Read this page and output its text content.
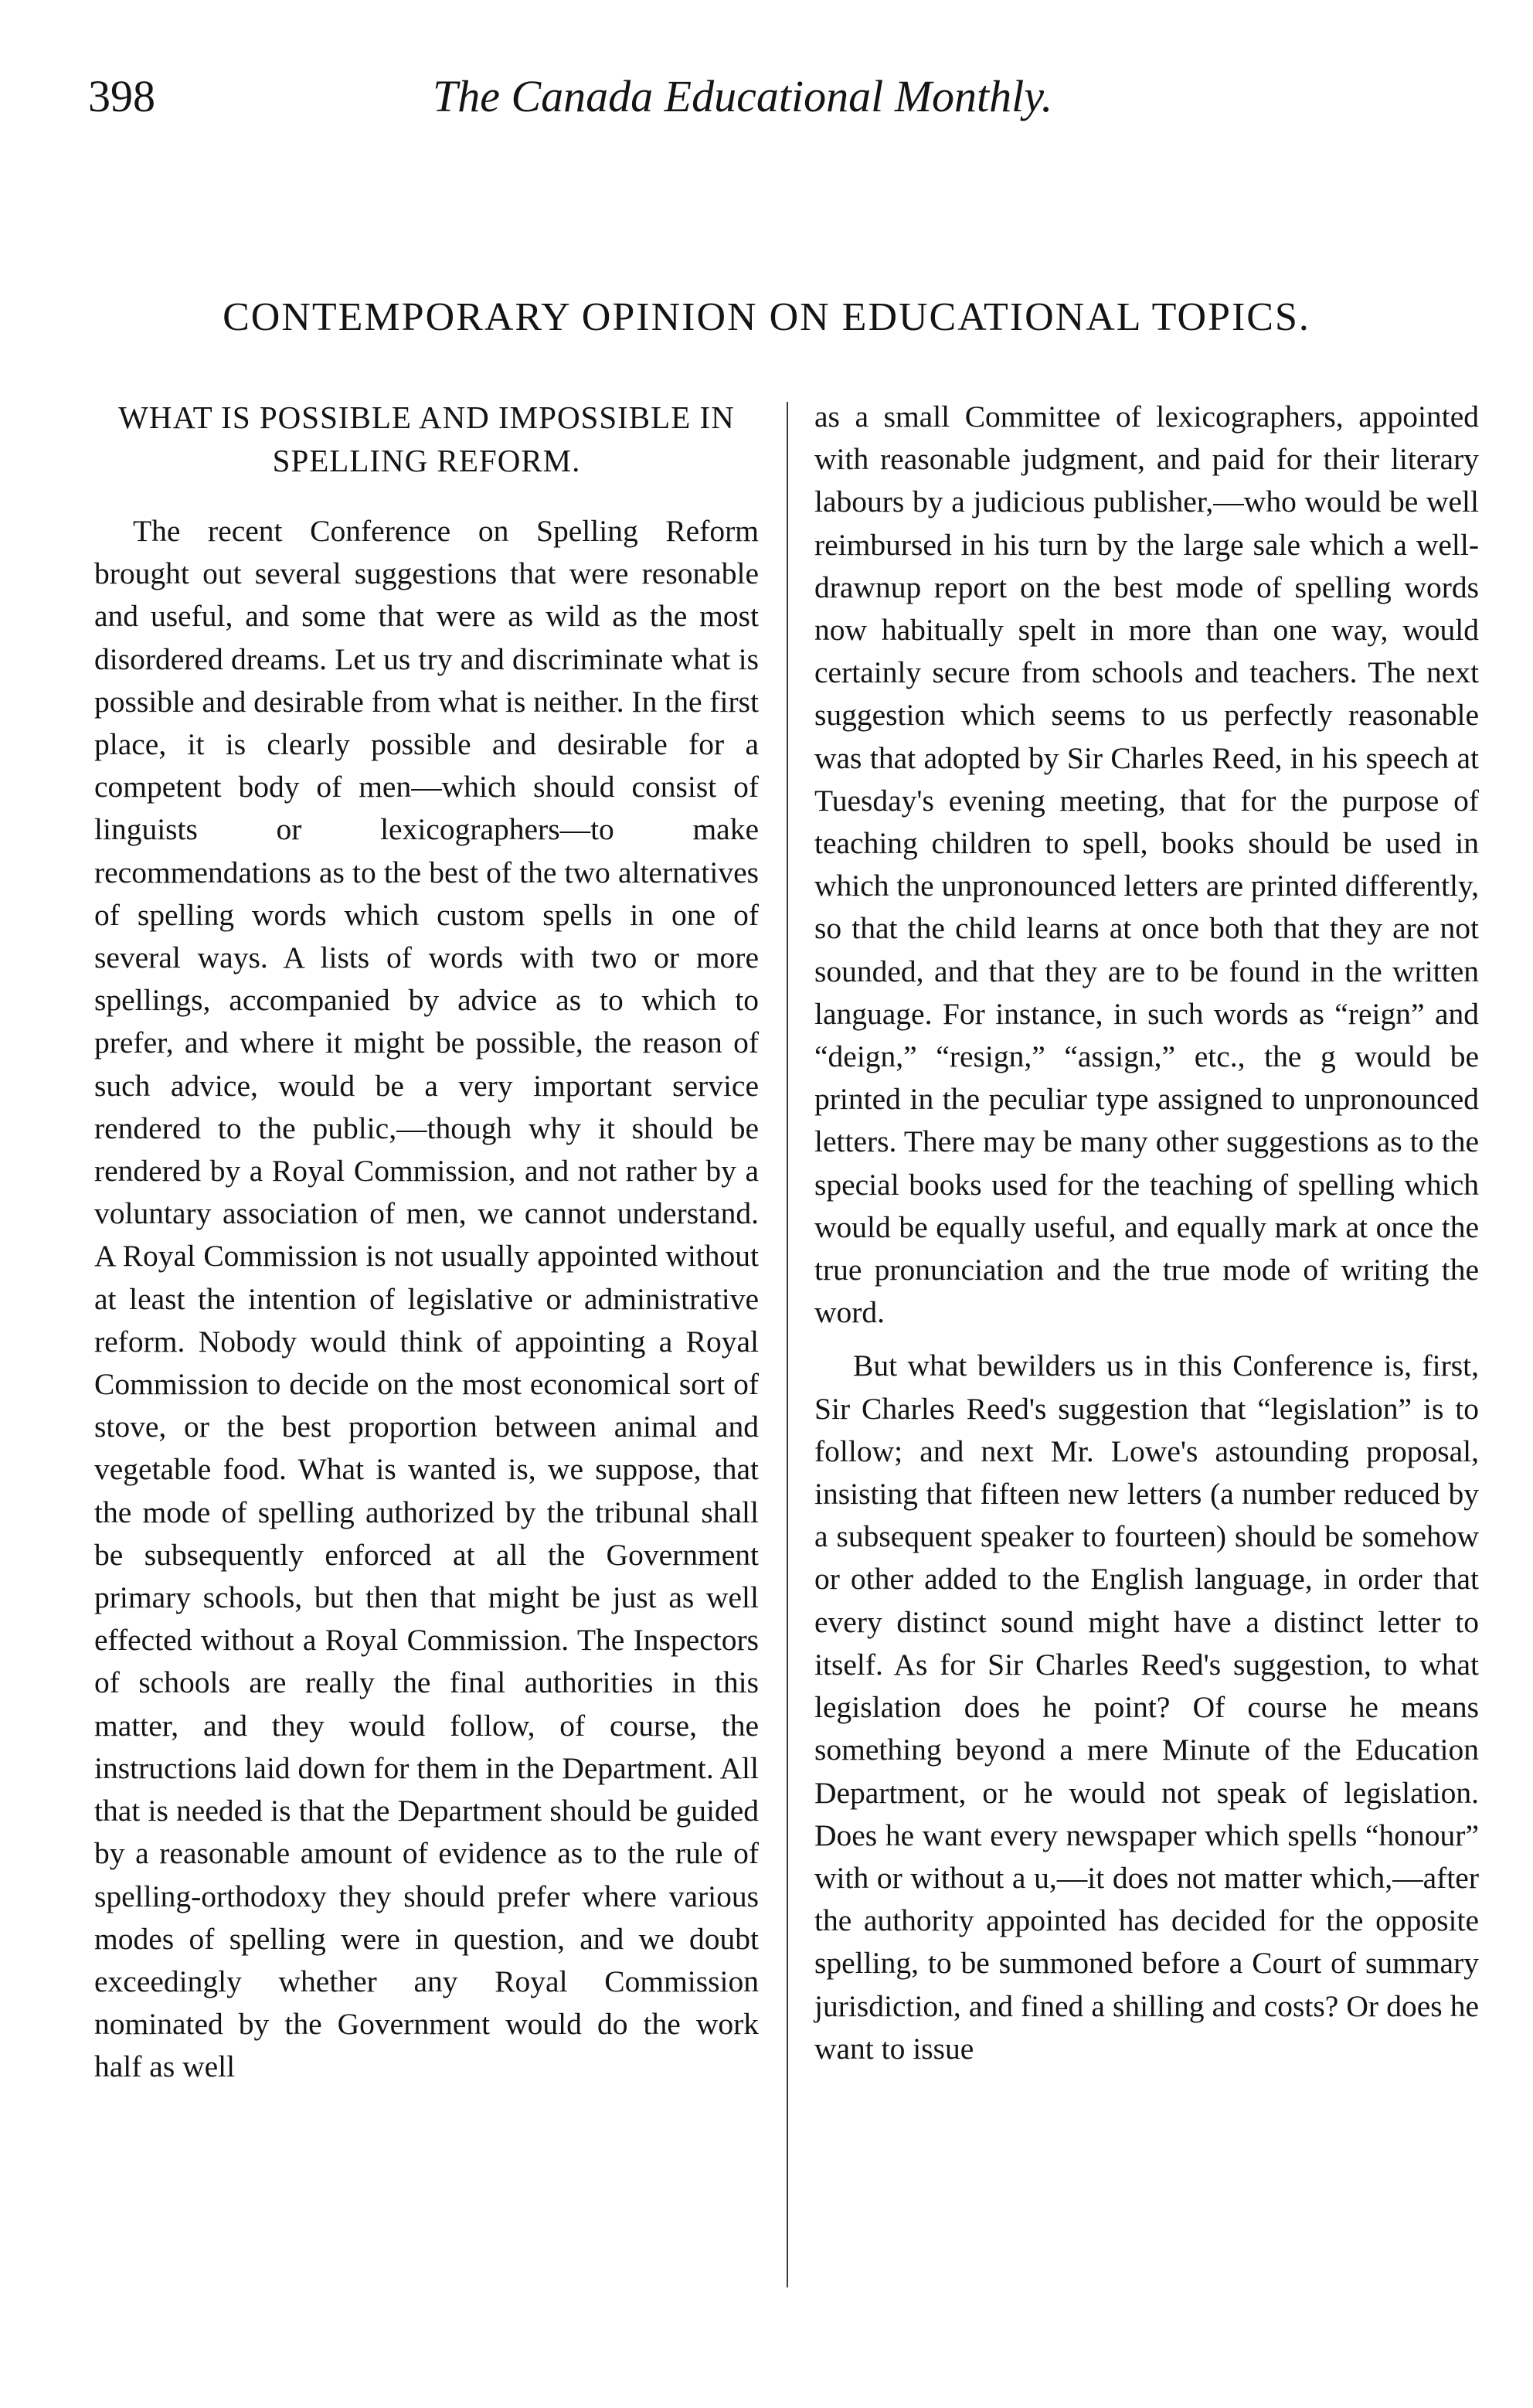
398	The Canada Educational Monthly.
CONTEMPORARY OPINION ON EDUCATIONAL TOPICS.
WHAT IS POSSIBLE AND IMPOSSIBLE IN SPELLING REFORM.

The recent Conference on Spelling Reform brought out several suggestions that were resonable and useful, and some that were as wild as the most disordered dreams. Let us try and discriminate what is possible and desirable from what is neither. In the first place, it is clearly possible and desirable for a competent body of men—which should consist of linguists or lexicographers—to make recommendations as to the best of the two alternatives of spelling words which custom spells in one of several ways. A lists of words with two or more spellings, accompanied by advice as to which to prefer, and where it might be possible, the reason of such advice, would be a very important service rendered to the public,—though why it should be rendered by a Royal Commission, and not rather by a voluntary association of men, we cannot understand. A Royal Commission is not usually appointed without at least the intention of legislative or administrative reform. Nobody would think of appointing a Royal Commission to decide on the most economical sort of stove, or the best proportion between animal and vegetable food. What is wanted is, we suppose, that the mode of spelling authorized by the tribunal shall be subsequently enforced at all the Government primary schools, but then that might be just as well effected without a Royal Commission. The Inspectors of schools are really the final authorities in this matter, and they would follow, of course, the instructions laid down for them in the Department. All that is needed is that the Department should be guided by a reasonable amount of evidence as to the rule of spelling-orthodoxy they should prefer where various modes of spelling were in question, and we doubt exceedingly whether any Royal Commission nominated by the Government would do the work half as well

as a small Committee of lexicographers, appointed with reasonable judgment, and paid for their literary labours by a judicious publisher,—who would be well reimbursed in his turn by the large sale which a well-drawnup report on the best mode of spelling words now habitually spelt in more than one way, would certainly secure from schools and teachers. The next suggestion which seems to us perfectly reasonable was that adopted by Sir Charles Reed, in his speech at Tuesday's evening meeting, that for the purpose of teaching children to spell, books should be used in which the unpronounced letters are printed differently, so that the child learns at once both that they are not sounded, and that they are to be found in the written language. For instance, in such words as “reign” and “deign,” “resign,” “assign,” etc., the g would be printed in the peculiar type assigned to unpronounced letters. There may be many other suggestions as to the special books used for the teaching of spelling which would be equally useful, and equally mark at once the true pronunciation and the true mode of writing the word.

But what bewilders us in this Conference is, first, Sir Charles Reed's suggestion that “legislation” is to follow; and next Mr. Lowe's astounding proposal, insisting that fifteen new letters (a number reduced by a subsequent speaker to fourteen) should be somehow or other added to the English language, in order that every distinct sound might have a distinct letter to itself. As for Sir Charles Reed's suggestion, to what legislation does he point? Of course he means something beyond a mere Minute of the Education Department, or he would not speak of legislation. Does he want every newspaper which spells “honour” with or without a u,—it does not matter which,—after the authority appointed has decided for the opposite spelling, to be summoned before a Court of summary jurisdiction, and fined a shilling and costs? Or does he want to issue
